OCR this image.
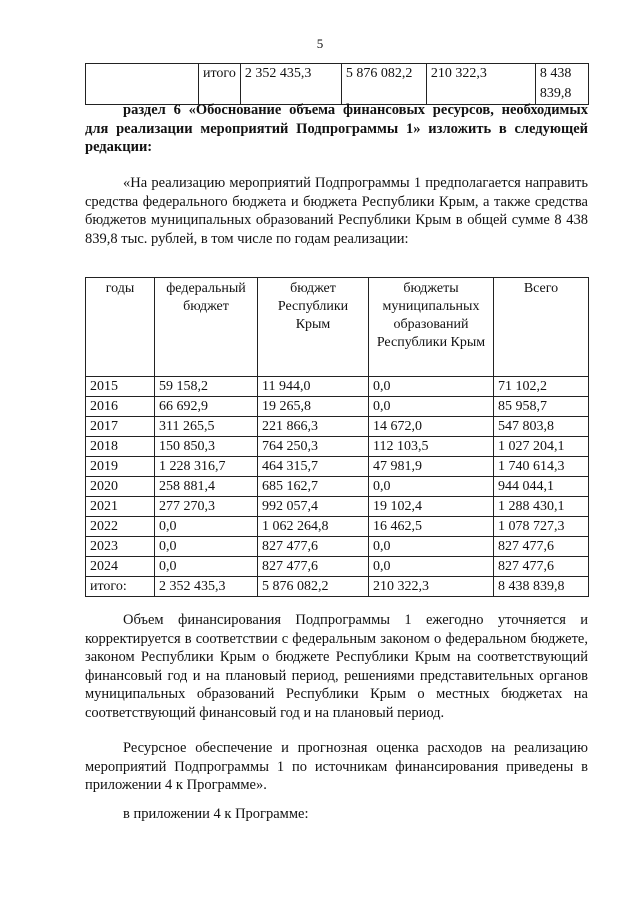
5
	итого	2 352 435,3	5 876 082,2	210 322,3	8 438 839,8

раздел 6 «Обоснование объема финансовых ресурсов, необходимых для реализации мероприятий Подпрограммы 1» изложить в следующей редакции:

«На реализацию мероприятий Подпрограммы 1 предполагается направить средства федерального бюджета и бюджета Республики Крым, а также средства бюджетов муниципальных образований Республики Крым в общей сумме 8 438 839,8 тыс. рублей, в том числе по годам реализации:

годы	федеральный бюджет	бюджет Республики Крым	бюджеты муниципальных образований Республики Крым	Всего
2015	59 158,2	11 944,0	0,0	71 102,2
2016	66 692,9	19 265,8	0,0	85 958,7
2017	311 265,5	221 866,3	14 672,0	547 803,8
2018	150 850,3	764 250,3	112 103,5	1 027 204,1
2019	1 228 316,7	464 315,7	47 981,9	1 740 614,3
2020	258 881,4	685 162,7	0,0	944 044,1
2021	277 270,3	992 057,4	19 102,4	1 288 430,1
2022	0,0	1 062 264,8	16 462,5	1 078 727,3
2023	0,0	827 477,6	0,0	827 477,6
2024	0,0	827 477,6	0,0	827 477,6
итого:	2 352 435,3	5 876 082,2	210 322,3	8 438 839,8

Объем финансирования Подпрограммы 1 ежегодно уточняется и корректируется в соответствии с федеральным законом о федеральном бюджете, законом Республики Крым о бюджете Республики Крым на соответствующий финансовый год и на плановый период, решениями представительных органов муниципальных образований Республики Крым о местных бюджетах на соответствующий финансовый год и на плановый период.

Ресурсное обеспечение и прогнозная оценка расходов на реализацию мероприятий Подпрограммы 1 по источникам финансирования приведены в приложении 4 к Программе».

в приложении 4 к Программе:
